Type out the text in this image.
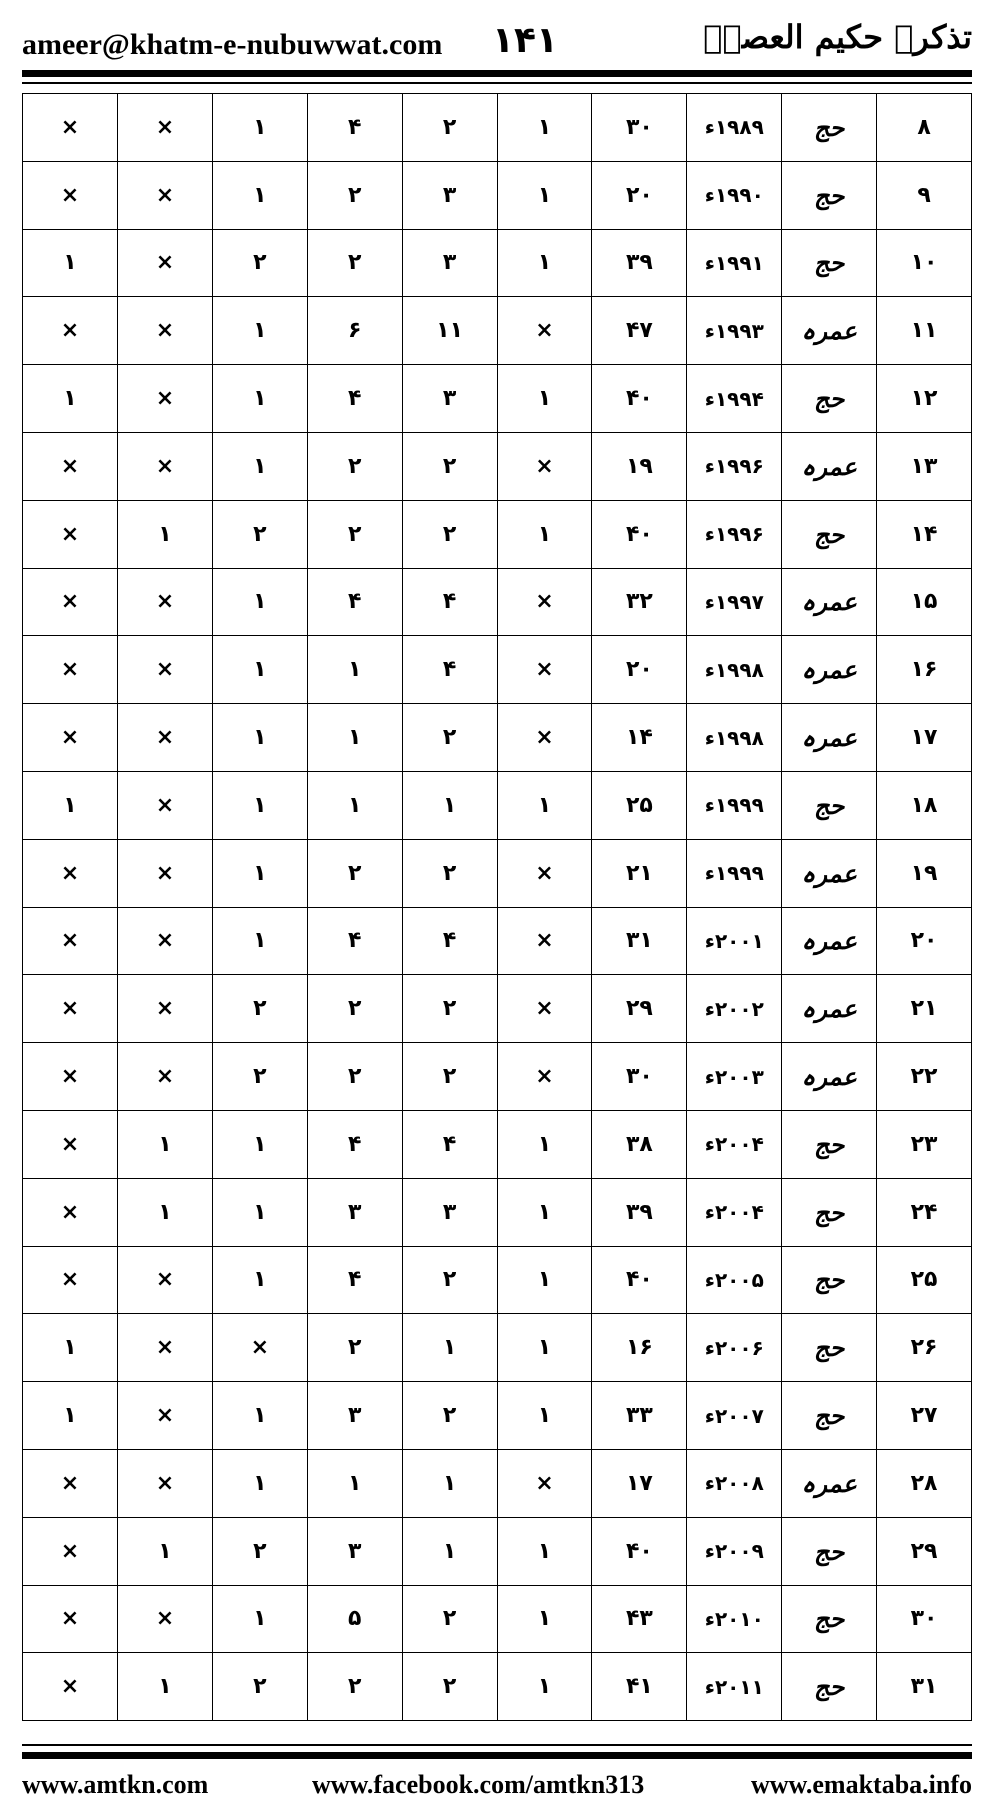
ameer@khatm-e-nubuwwat.com ۱۴۱	تذکرہ حکیم العصرؒ
۸	حج	۱۹۸۹ء	۳۰	۱	۲	۴	۱	×	×
۹	حج	۱۹۹۰ء	۲۰	۱	۳	۲	۱	×	×
۱۰	حج	۱۹۹۱ء	۳۹	۱	۳	۲	۲	×	۱
۱۱	عمرہ	۱۹۹۳ء	۴۷	×	۱۱	۶	۱	×	×
۱۲	حج	۱۹۹۴ء	۴۰	۱	۳	۴	۱	×	۱
۱۳	عمرہ	۱۹۹۶ء	۱۹	×	۲	۲	۱	×	×
۱۴	حج	۱۹۹۶ء	۴۰	۱	۲	۲	۲	۱	×
۱۵	عمرہ	۱۹۹۷ء	۳۲	×	۴	۴	۱	×	×
۱۶	عمرہ	۱۹۹۸ء	۲۰	×	۴	۱	۱	×	×
۱۷	عمرہ	۱۹۹۸ء	۱۴	×	۲	۱	۱	×	×
۱۸	حج	۱۹۹۹ء	۲۵	۱	۱	۱	۱	×	۱
۱۹	عمرہ	۱۹۹۹ء	۲۱	×	۲	۲	۱	×	×
۲۰	عمرہ	۲۰۰۱ء	۳۱	×	۴	۴	۱	×	×
۲۱	عمرہ	۲۰۰۲ء	۲۹	×	۲	۲	۲	×	×
۲۲	عمرہ	۲۰۰۳ء	۳۰	×	۲	۲	۲	×	×
۲۳	حج	۲۰۰۴ء	۳۸	۱	۴	۴	۱	۱	×
۲۴	حج	۲۰۰۴ء	۳۹	۱	۳	۳	۱	۱	×
۲۵	حج	۲۰۰۵ء	۴۰	۱	۲	۴	۱	×	×
۲۶	حج	۲۰۰۶ء	۱۶	۱	۱	۲	×	×	۱
۲۷	حج	۲۰۰۷ء	۳۳	۱	۲	۳	۱	×	۱
۲۸	عمرہ	۲۰۰۸ء	۱۷	×	۱	۱	۱	×	×
۲۹	حج	۲۰۰۹ء	۴۰	۱	۱	۳	۲	۱	×
۳۰	حج	۲۰۱۰ء	۴۳	۱	۲	۵	۱	×	×
۳۱	حج	۲۰۱۱ء	۴۱	۱	۲	۲	۲	۱	×
www.amtkn.com	www.facebook.com/amtkn313	www.emaktaba.info
